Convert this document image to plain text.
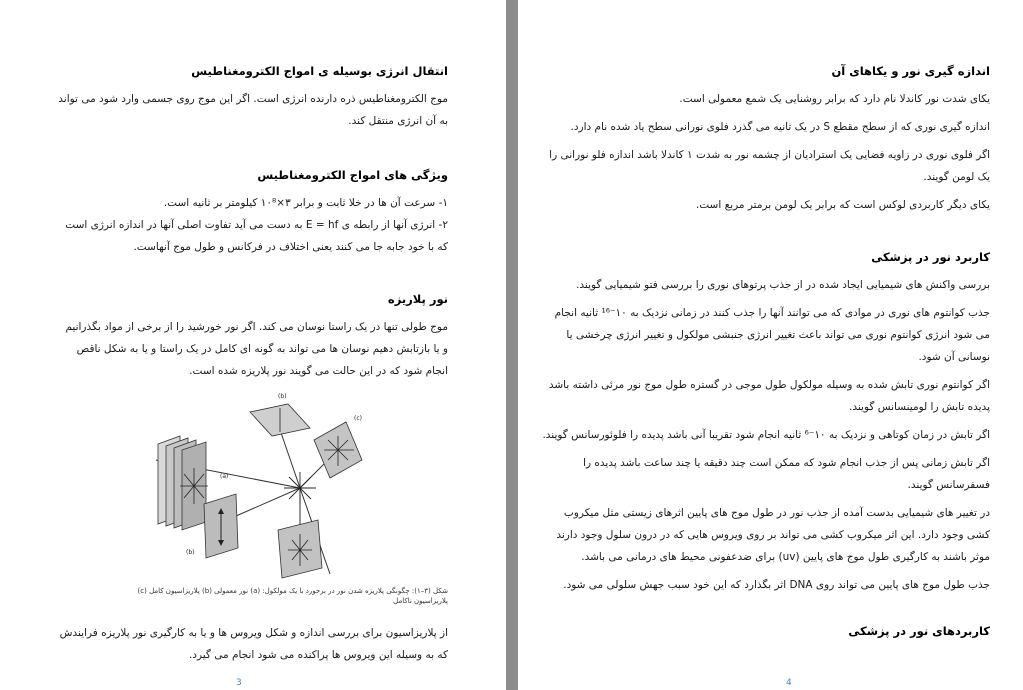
انتقال انرژی بوسیله ی امواج الکترومغناطیس

موج الکترومغناطیس ذره دارنده انرژی است. اگر این موج روی جسمی وارد شود می تواند به آن انرژی منتقل کند.

ویژگی های امواج الکترومغناطیس

۱- سرعت آن ها در خلا ثابت و برابر ۳×۱۰⁸ کیلومتر بر ثانیه است.

۲- انرژی آنها از رابطه ی E = hf به دست می آید تفاوت اصلی آنها در اندازه انرژی است که با خود جابه جا می کنند یعنی اختلاف در فرکانس و طول موج آنهاست.

نور پلاریزه

موج طولی تنها در یک راستا نوسان می کند. اگر نور خورشید را از برخی از مواد بگذرانیم و یا بازتابش دهیم نوسان ها می تواند به گونه ای کامل در یک راستا و یا به شکل ناقص انجام شود که در این حالت می گویند نور پلاریزه شده است.

(a)
(b)
(c)
(b)
شکل (۳–۱): چگونگی پلاریزه شدن نور در برخورد با یک مولکول: (a) نور معمولی (b) پلاریزاسیون کامل (c) پلاریزاسیون ناکامل

از پلاریزاسیون برای بررسی اندازه و شکل ویروس ها و یا به کارگیری نور پلاریزه فرایندش که به وسیله این ویروس ها پراکنده می شود انجام می گیرد.

3
اندازه گیری نور و یکاهای آن

یکای شدت نور کاندلا نام دارد که برابر روشنایی یک شمع معمولی است.

اندازه گیری نوری که از سطح مقطع S در یک ثانیه می گذرد فلوی نورانی سطح یاد شده نام دارد.

اگر فلوی نوری در زاویه فضایی یک استرادیان از چشمه نور به شدت ۱ کاندلا باشد اندازه فلو نورانی را یک لومن گویند.

یکای دیگر کاربردی لوکس است که برابر یک لومن برمتر مربع است.

کاربرد نور در پزشکی

بررسی واکنش های شیمیایی ایجاد شده در از جذب پرتوهای نوری را بررسی فتو شیمیایی گویند.

جذب کوانتوم های نوری در موادی که می توانند آنها را جذب کنند در زمانی نزدیک به ۱۰⁻¹⁶ ثانیه انجام می شود انرژی کوانتوم نوری می تواند باعث تغییر انرژی جنبشی مولکول و تغییر انرژی چرخشی یا نوسانی آن شود.

اگر کوانتوم نوری تابش شده به وسیله مولکول طول موجی در گستره طول موج نور مرئی داشته باشد پدیده تابش را لومینسانس گویند.

اگر تابش در زمان کوتاهی و نزدیک به ۱۰⁻⁶ ثانیه انجام شود تقریبا آنی باشد پدیده را فلوئورسانس گویند.

اگر تابش زمانی پس از جذب انجام شود که ممکن است چند دقیقه یا چند ساعت باشد پدیده را فسفرسانس گویند.

در تغییر های شیمیایی بدست آمده از جذب نور در طول موج های پایین اثرهای زیستی مثل میکروب کشی وجود دارد. این اثر میکروب کشی می تواند بر روی ویروس هایی که در درون سلول وجود دارند موثر باشند به کارگیری طول موج های پایین (uv) برای ضدعفونی محیط های درمانی می باشد.

جذب طول موج های پایین می تواند روی DNA اثر بگذارد که این خود سبب جهش سلولی می شود.

کاربردهای نور در پزشکی
4
